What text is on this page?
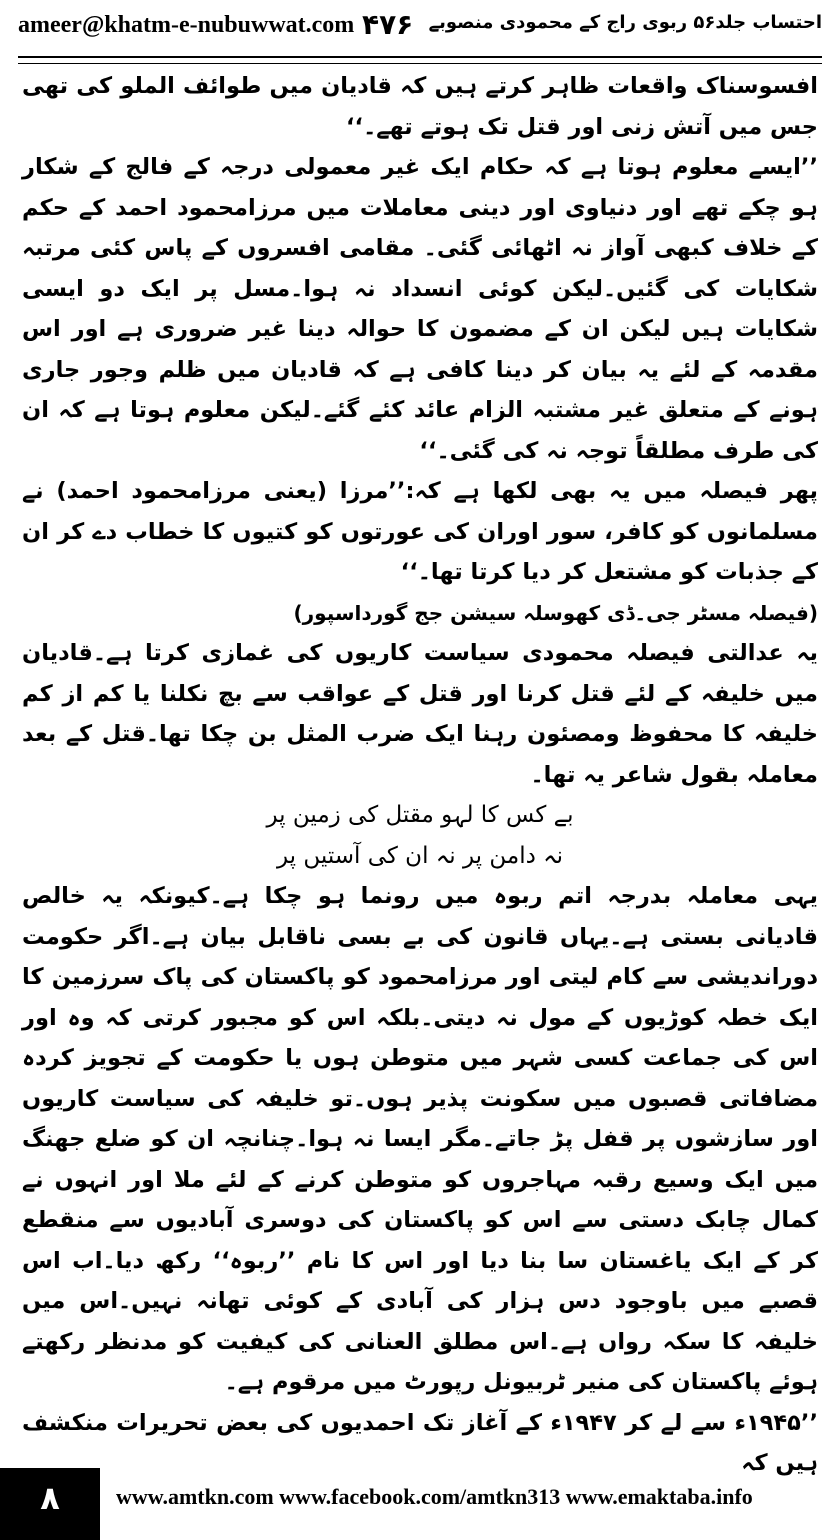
ameer@khatm-e-nubuwwat.com ۴۷۶ احتساب جلد۵۶ ربوی راج کے محمودی منصوبے

افسوسناک واقعات ظاہر کرتے ہیں کہ قادیان میں طوائف الملو کی تھی جس میں آتش زنی اور قتل تک ہوتے تھے۔‘‘

’’ایسے معلوم ہوتا ہے کہ حکام ایک غیر معمولی درجہ کے فالج کے شکار ہو چکے تھے اور دنیاوی اور دینی معاملات میں مرزامحمود احمد کے حکم کے خلاف کبھی آواز نہ اٹھائی گئی۔ مقامی افسروں کے پاس کئی مرتبہ شکایات کی گئیں۔لیکن کوئی انسداد نہ ہوا۔مسل پر ایک دو ایسی شکایات ہیں لیکن ان کے مضمون کا حوالہ دینا غیر ضروری ہے اور اس مقدمہ کے لئے یہ بیان کر دینا کافی ہے کہ قادیان میں ظلم وجور جاری ہونے کے متعلق غیر مشتبہ الزام عائد کئے گئے۔لیکن معلوم ہوتا ہے کہ ان کی طرف مطلقاً توجہ نہ کی گئی۔‘‘

پھر فیصلہ میں یہ بھی لکھا ہے کہ:’’مرزا (یعنی مرزامحمود احمد) نے مسلمانوں کو کافر، سور اوران کی عورتوں کو کتیوں کا خطاب دے کر ان کے جذبات کو مشتعل کر دیا کرتا تھا۔‘‘

(فیصلہ مسٹر جی۔ڈی کھوسلہ سیشن جج گورداسپور)

یہ عدالتی فیصلہ محمودی سیاست کاریوں کی غمازی کرتا ہے۔قادیان میں خلیفہ کے لئے قتل کرنا اور قتل کے عواقب سے بچ نکلنا یا کم از کم خلیفہ کا محفوظ ومصئون رہنا ایک ضرب المثل بن چکا تھا۔قتل کے بعد معاملہ بقول شاعر یہ تھا۔

بے کس کا لہو مقتل کی زمین پر

نہ دامن پر نہ ان کی آستیں پر

یہی معاملہ بدرجہ اتم ربوہ میں رونما ہو چکا ہے۔کیونکہ یہ خالص قادیانی بستی ہے۔یہاں قانون کی بے بسی ناقابل بیان ہے۔اگر حکومت دوراندیشی سے کام لیتی اور مرزامحمود کو پاکستان کی پاک سرزمین کا ایک خطہ کوڑیوں کے مول نہ دیتی۔بلکہ اس کو مجبور کرتی کہ وہ اور اس کی جماعت کسی شہر میں متوطن ہوں یا حکومت کے تجویز کردہ مضافاتی قصبوں میں سکونت پذیر ہوں۔تو خلیفہ کی سیاست کاریوں اور سازشوں پر قفل پڑ جاتے۔مگر ایسا نہ ہوا۔چنانچہ ان کو ضلع جھنگ میں ایک وسیع رقبہ مہاجروں کو متوطن کرنے کے لئے ملا اور انہوں نے کمال چابک دستی سے اس کو پاکستان کی دوسری آبادیوں سے منقطع کر کے ایک یاغستان سا بنا دیا اور اس کا نام ’’ربوہ‘‘ رکھ دیا۔اب اس قصبے میں باوجود دس ہزار کی آبادی کے کوئی تھانہ نہیں۔اس میں خلیفہ کا سکہ رواں ہے۔اس مطلق العنانی کی کیفیت کو مدنظر رکھتے ہوئے پاکستان کی منیر ٹربیونل رپورٹ میں مرقوم ہے۔

’’۱۹۴۵ء سے لے کر ۱۹۴۷ء کے آغاز تک احمدیوں کی بعض تحریرات منکشف ہیں کہ

۸	www.amtkn.com www.facebook.com/amtkn313 www.emaktaba.info
